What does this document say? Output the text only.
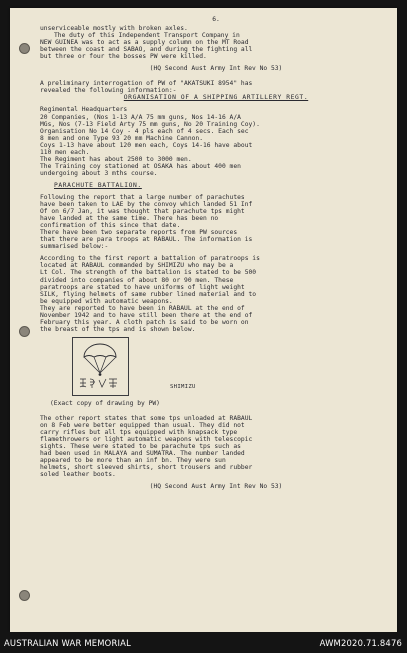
6.

unserviceable mostly with broken axles.

The duty of this Independent Transport Company in

NEW GUINEA was to act as a supply column on the MT Road

between the coast and SABAO, and during the fighting all

but three or four the bosses PW were killed.

(HQ Second Aust Army Int Rev No 53)

A preliminary interrogation of PW of "AKATSUKI 8954" has

revealed the following information:-

ORGANISATION OF A SHIPPING ARTILLERY REGT.

Regimental Headquarters

20 Companies, (Nos 1-13 A/A 75 mm guns, Nos 14-16 A/A

MGs, Nos (7-13 Field Arty 75 mm guns, No 20 Training Coy).

Organisation No 14 Coy - 4 pls each of 4 secs. Each sec

8 men and one Type 93 20 mm Machine Cannon.

Coys 1-13 have about 120 men each, Coys 14-16 have about

110 men each.

The Regiment has about 2500 to 3000 men.

The Training coy stationed at OSAKA has about 400 men

undergoing about 3 mths course.

PARACHUTE BATTALION.

Following the report that a large number of parachutes

have been taken to LAE by the convoy which landed 51 Inf

Of on 6/7 Jan, it was thought that parachute tps might

have landed at the same time. There has been no

confirmation of this since that date.

There have been two separate reports from PW sources

that there are para troops at RABAUL. The information is

summarised below:-

According to the first report a battalion of paratroops is

located at RABAUL commanded by SHIMIZU who may be a

Lt Col. The strength of the battalion is stated to be 500

divided into companies of about 80 or 90 men. These

paratroops are stated to have uniforms of light weight

SILK, flying helmets of same rubber lined material and to

be equipped with automatic weapons.

They are reported to have been in RABAUL at the end of

November 1942 and to have still been there at the end of

February this year. A cloth patch is said to be worn on

the breast of the tps and is shown below.

SHIMIZU

(Exact copy of drawing by PW)

The other report states that some tps unloaded at RABAUL

on 8 Feb were better equipped than usual. They did not

carry rifles but all tps equipped with knapsack type

flamethrowers or light automatic weapons with telescopic

sights. These were stated to be parachute tps such as

had been used in MALAYA and SUMATRA. The number landed

appeared to be more than an inf bn. They were sun

helmets, short sleeved shirts, short trousers and rubber

soled leather boots.

(HQ Second Aust Army Int Rev No 53)

AUSTRALIAN WAR MEMORIAL	AWM2020.71.8476
